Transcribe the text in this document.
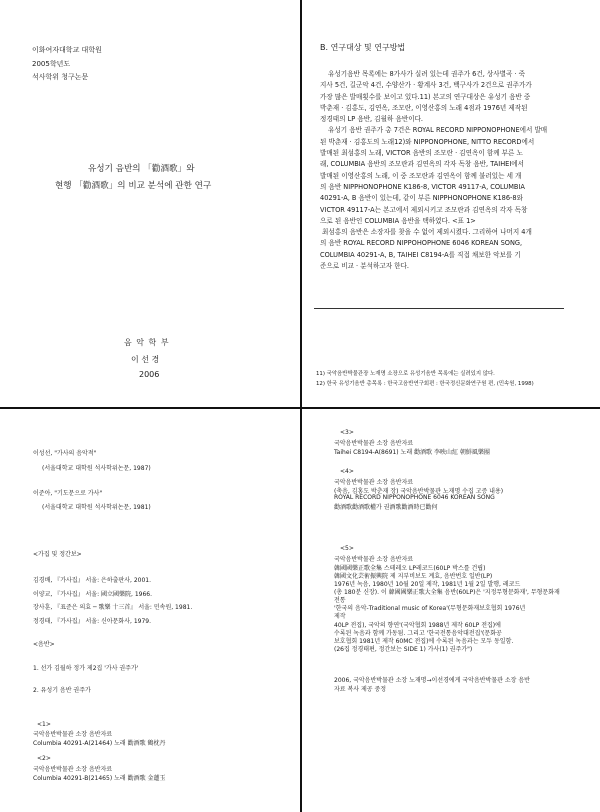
이화여자대학교 대학원
2005학년도
석사학위 청구논문
유성기 음반의 「勸酒歌」와
현행 「勸酒歌」의 비교 분석에 관한 연구
음 악 학 부
이 선 경
2006
B. 연구대상 및 연구방법
유성기음반 목록에는 8가사가 실려 있는데 권주가 6건, 상사별곡 · 죽
지사 5건, 길군악 4건, 수양산가 · 황계사 3건, 백구사가 2건으로 권주가가
가장 많은 발매횟수를 보이고 있다.11) 본고의 연구대상은 유성기 음반 중
박춘재 · 김홍도, 김연옥, 조모란, 이영산홍의 노래 4점과 1976년 제작된
정경태의 LP 음반, 김월하 음반이다.
유성기 음반 권주가 총 7건은 ROYAL RECORD NIPPONOPHONE에서 발매
된 박춘재 · 김홍도의 노래12)와 NIPPONOPHONE, NITTO RECORD에서
발매된 최섬홍의 노래, VICTOR 음반의 조모란 · 김연옥이 함께 부른 노
래, COLUMBIA 음반의 조모란과 김연옥의 각자 독창 음반, TAIHEI에서
발매된 이영산홍의 노래, 이 중 조모란과 김연옥이 함께 불러있는 세 개
의 음반 NIPPHONOPHONE K186-8, VICTOR 49117-A, COLUMBIA
40291-A, B 음반이 있는데, 같이 부른 NIPPHONOPHONE K186-8와
VICTOR 49117-A는 본고에서 제외시키고 조모란과 김연옥의 각자 독창
으로 된 음반인 COLUMBIA 음반을 택하였다. <표 1>
최섬홍의 음반은 소장자를 찾을 수 없어 제외시켰다. 그리하여 나머지 4개
의 음반 ROYAL RECORD NIPPOHOPHONE 6046 KOREAN SONG,
COLUMBIA 40291-A, B, TAIHEI C8194-A를 직접 채보한 악보를 기
준으로 비교 · 분석하고자 한다.
11) 국악음반박물관장 노재명 소장으로 유성기음반 목록에는 실려있지 않다.
12) 한국 유성기음반 총목록 : 한국고음반연구회편 : 한국정신문화연구원 편, (민속원, 1998)
이성선, "가사의 음악적"
(서울대학교 대학원 석사학위논문, 1987)
이준아, "기도문으로 가사"
(서울대학교 대학원 석사학위논문, 1981)
<가집 및 정간보>
김경배, 『가사집』 서울: 은하출판사, 2001.
이양교, 『가사집』 서울: 國立國樂院, 1966.
장사훈, 『표준은 의효 ─ 歌樂 十三首』 서울: 민속원, 1981.
정경태, 『가사집』 서울: 신아문화사, 1979.
<음반>
1. 선가 김월하 정가 제2집 '가사 권주가'
2. 유성기 음반 권주가
<1>
국악음반박물관 소장 음반자료
Columbia 40291-A(21464) 노래 勸酒歌 鶴枕丹
<2>
국악음반박물관 소장 음반자료
Columbia 40291-B(21465) 노래 勸酒歌 金蓮玉
<3>
국악음반박물관 소장 음반자료
Taihei C8194-A(8691) 노래 勸酒歌 李映山紅 朝鮮風樂團
<4>
국악음반박물관 소장 음반자료
(축음, 김홍도 박춘재 장) 국악음반박물관 노재명 수집 고증 내용)
ROYAL RECORD NIPPONOPHONE 6046 KOREAN SONG
勸酒歌勸酒歌權가 권酒歌勸酒時已勸何
<5>
국악음반박물관 소장 음반자료
韓國國樂正歌全集 스테레오 LP레코드(60LP 박스를 건립)
韓國文化芸術振興院 제 지부비보도 계효, 음반번호 일반(LP)
1976년 녹음, 1980년 10월 20일 제작, 1981년 1월 2일 발행, 레코드
(총 180분 신장). 이 韓國國樂正歌大全集 음반(60LP)은 '지정무형문화재', 무형문화재
전통
'한국의 음악-Traditional music of Korea'(무형문화재보호협회 1976년
제작
40LP 전집), 국악의 향연'(국악협회 1988년 제작 60LP 전집)에
수록된 녹음과 함께 가동됨. 그리고 '한국전통음악대전집'(문화공
보호협회 1981년 제작 60MC 전집)에 수록된 녹음과는 모두 동일함.
(26집 정경태편, 정간보는 SIDE 1) 가사(1) 권주가")
2006, 국악음반박물관 소장 노재명→이선경에게 국악음반박물관 소장 음반
자료 복사 제공 중정
